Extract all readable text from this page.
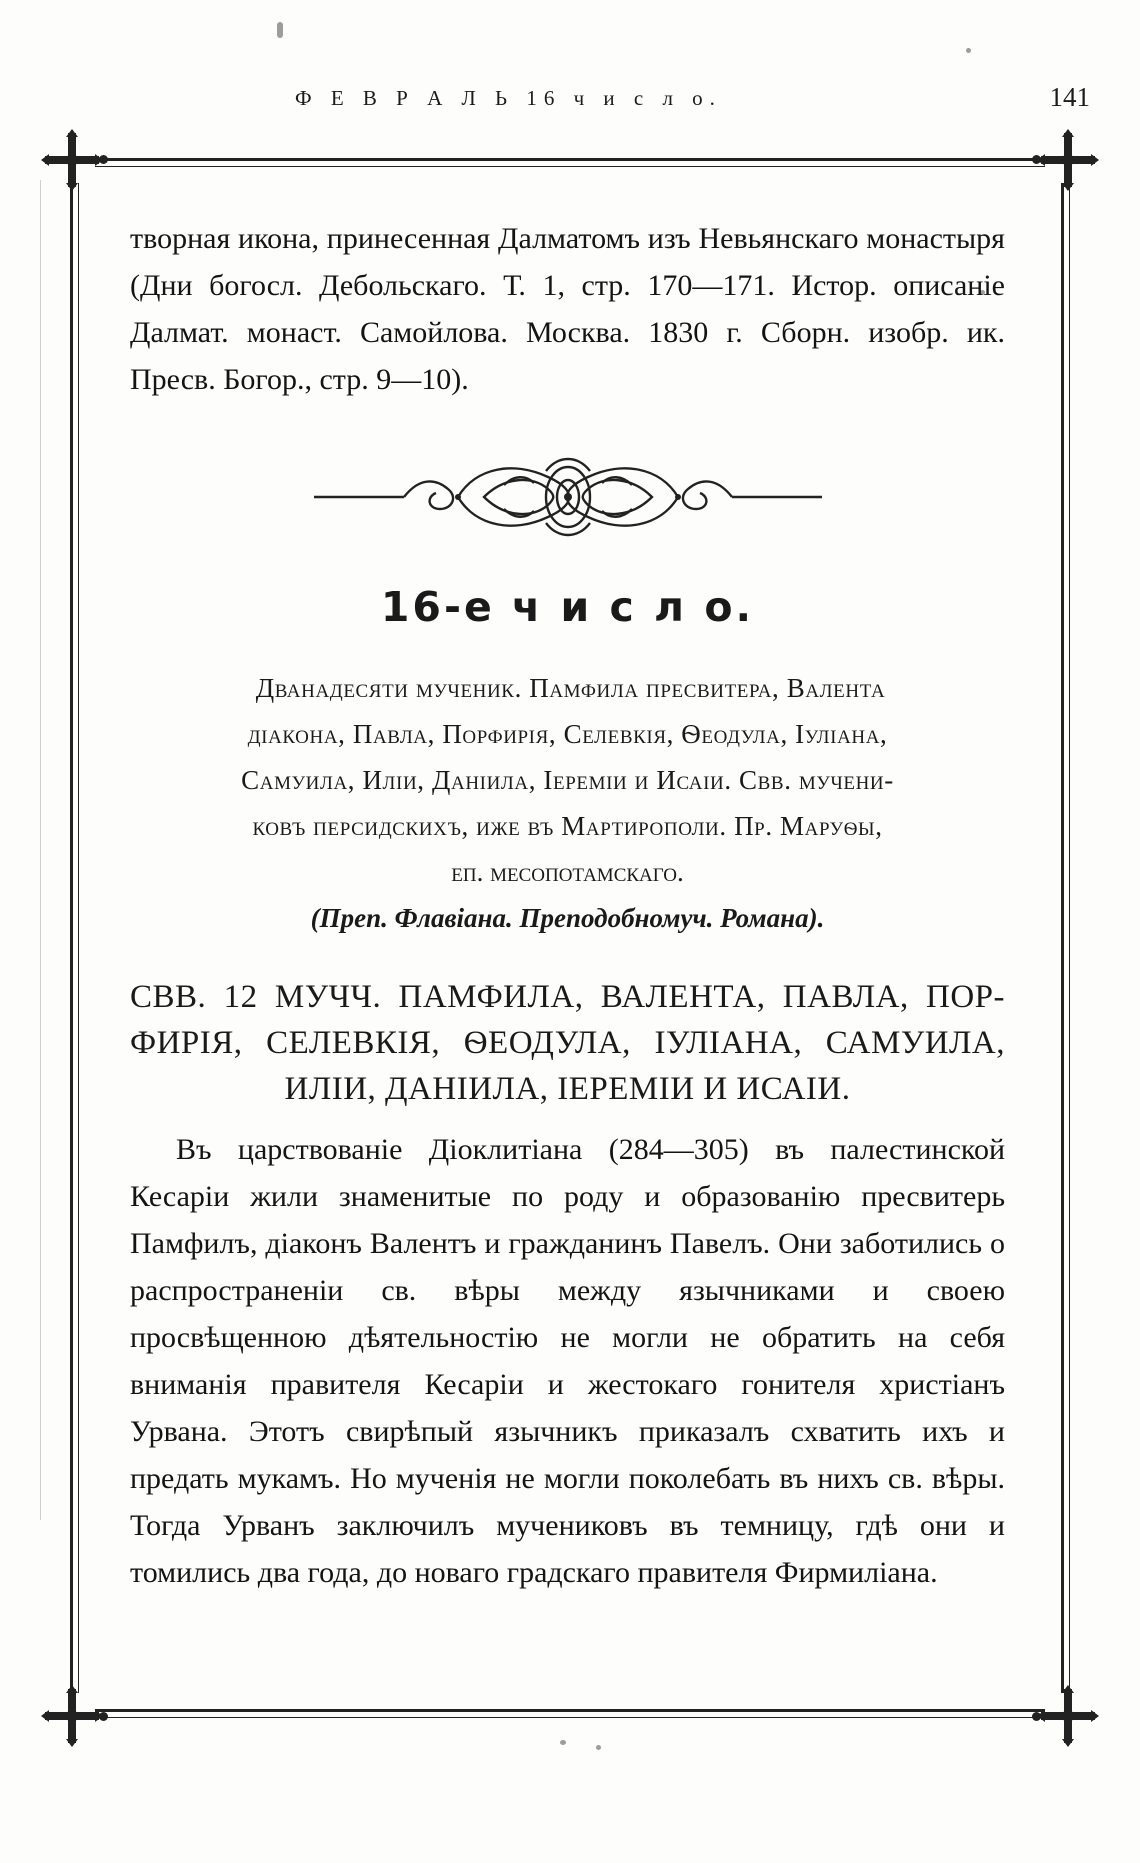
Ф Е В Р А Л Ь 16 ч и с л о.	141

творная икона, принесенная Далматомъ изъ Невьянскаго монастыря (Дни богосл. Дебольскаго. Т. 1, стр. 170—171. Истор. описаніе Далмат. монаст. Самойлова. Москва. 1830 г. Сборн. изобр. ик. Пресв. Богор., стр. 9—10).

16-е ч и с л о.

Дванадесяти мученик. Памфила пресвитера, Валента

діакона, Павла, Порфирія, Селевкія, Ѳеодула, Іуліана,

Самуила, Иліи, Даніила, Іереміи и Исаіи. Свв. мучени-

ковъ персидскихъ, иже въ Мартирополи. Пр. Маруѳы,

еп. месопотамскаго.

(Преп. Флавіана. Преподобномуч. Романа).

СВВ. 12 МУЧЧ. ПАМФИЛА, ВАЛЕНТА, ПАВЛА, ПОР-
ФИРІЯ, СЕЛЕВКІЯ, ѲЕОДУЛА, ІУЛІАНА, САМУИЛА,
ИЛІИ, ДАНІИЛА, ІЕРЕМІИ И ИСАІИ.

Въ царствованіе Діоклитіана (284—305) въ палестинской Кесаріи жили знаменитые по роду и образованію пресвитерь Памфилъ, діаконъ Валентъ и гражданинъ Павелъ. Они заботились о распространеніи св. вѣры между язычниками и своею просвѣщенною дѣятельностію не могли не обратить на себя вниманія правителя Кесаріи и жестокаго гонителя христіанъ Урвана. Этотъ свирѣпый язычникъ приказалъ схватить ихъ и предать мукамъ. Но мученія не могли поколебать въ нихъ св. вѣры. Тогда Урванъ заключилъ мучениковъ въ темницу, гдѣ они и томились два года, до новаго градскаго правителя Фирмиліана.
